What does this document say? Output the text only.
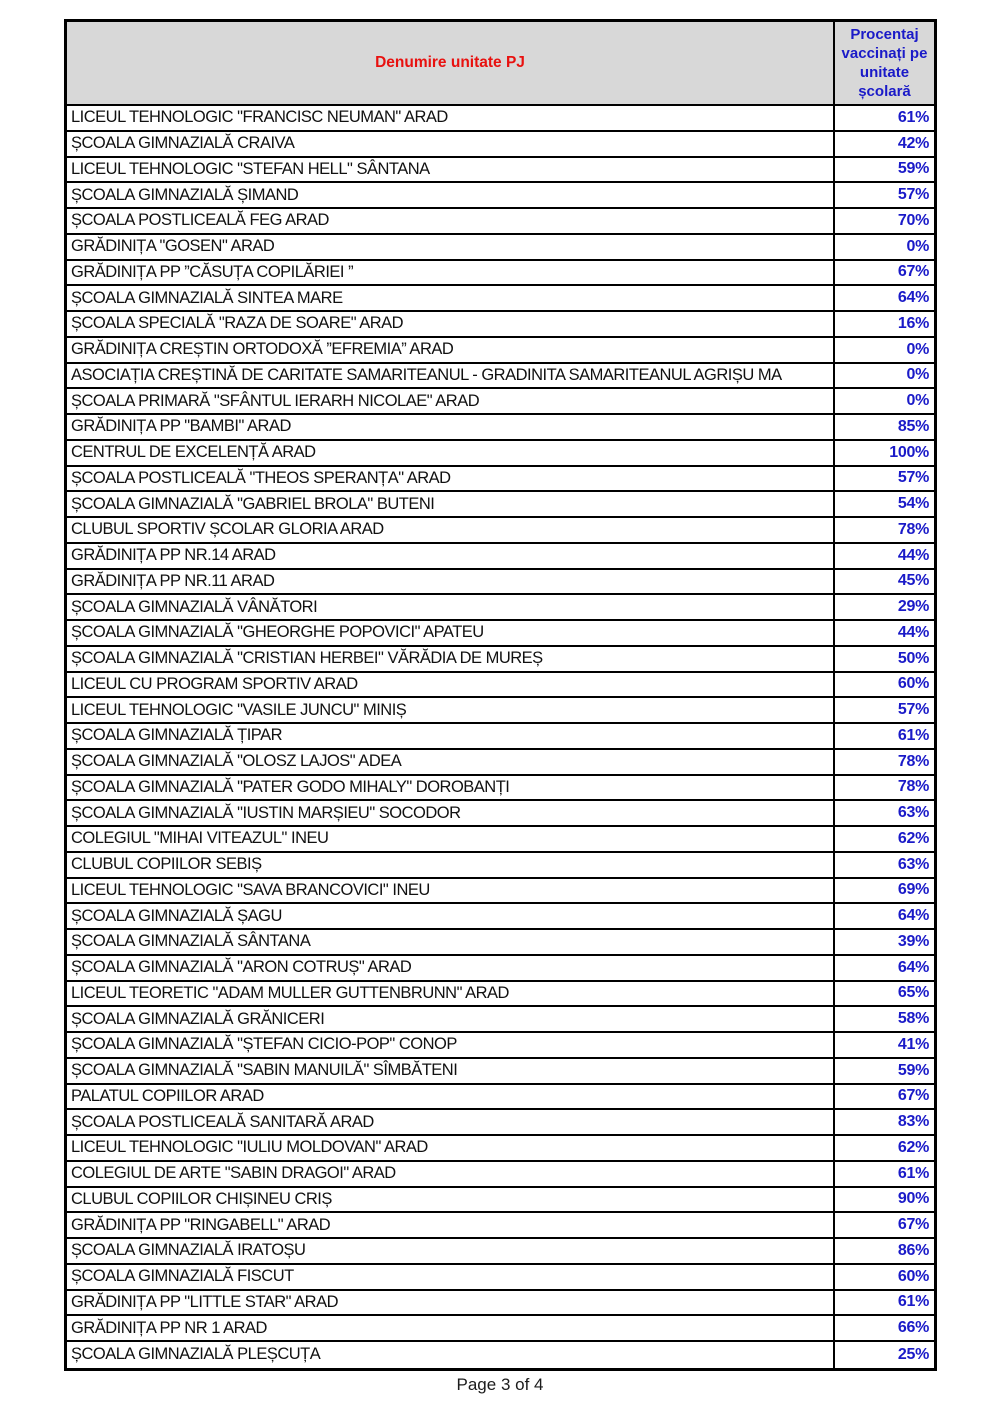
Denumire unitate PJ
Procentaj vaccinați pe unitate școlară
LICEUL TEHNOLOGIC "FRANCISC NEUMAN" ARAD	61%
ȘCOALA GIMNAZIALĂ CRAIVA	42%
LICEUL TEHNOLOGIC "STEFAN HELL" SÂNTANA	59%
ȘCOALA GIMNAZIALĂ ȘIMAND	57%
ȘCOALA POSTLICEALĂ FEG ARAD	70%
GRĂDINIȚA "GOSEN" ARAD	0%
GRĂDINIȚA PP ”CĂSUȚA COPILĂRIEI ”	67%
ȘCOALA GIMNAZIALĂ SINTEA MARE	64%
ȘCOALA SPECIALĂ "RAZA DE SOARE" ARAD	16%
GRĂDINIȚA CREȘTIN ORTODOXĂ ”EFREMIA” ARAD	0%
ASOCIAȚIA CREȘTINĂ DE CARITATE SAMARITEANUL - GRADINITA SAMARITEANUL AGRIȘU MA	0%
ȘCOALA PRIMARĂ "SFÂNTUL IERARH NICOLAE" ARAD	0%
GRĂDINIȚA PP "BAMBI" ARAD	85%
CENTRUL DE EXCELENȚĂ ARAD	100%
ȘCOALA POSTLICEALĂ "THEOS SPERANȚA" ARAD	57%
ȘCOALA GIMNAZIALĂ "GABRIEL BROLA" BUTENI	54%
CLUBUL SPORTIV ȘCOLAR GLORIA ARAD	78%
GRĂDINIȚA PP NR.14 ARAD	44%
GRĂDINIȚA PP NR.11 ARAD	45%
ȘCOALA GIMNAZIALĂ VÂNĂTORI	29%
ȘCOALA GIMNAZIALĂ "GHEORGHE POPOVICI" APATEU	44%
ȘCOALA GIMNAZIALĂ "CRISTIAN HERBEI" VĂRĂDIA DE MUREȘ	50%
LICEUL CU PROGRAM SPORTIV ARAD	60%
LICEUL TEHNOLOGIC "VASILE JUNCU" MINIȘ	57%
ȘCOALA GIMNAZIALĂ ȚIPAR	61%
ȘCOALA GIMNAZIALĂ "OLOSZ LAJOS" ADEA	78%
ȘCOALA GIMNAZIALĂ "PATER GODO MIHALY" DOROBANȚI	78%
ȘCOALA GIMNAZIALĂ "IUSTIN MARȘIEU" SOCODOR	63%
COLEGIUL "MIHAI VITEAZUL" INEU	62%
CLUBUL COPIILOR SEBIȘ	63%
LICEUL TEHNOLOGIC "SAVA BRANCOVICI" INEU	69%
ȘCOALA GIMNAZIALĂ ȘAGU	64%
ȘCOALA GIMNAZIALĂ SÂNTANA	39%
ȘCOALA GIMNAZIALĂ "ARON COTRUȘ" ARAD	64%
LICEUL TEORETIC "ADAM MULLER GUTTENBRUNN" ARAD	65%
ȘCOALA GIMNAZIALĂ GRĂNICERI	58%
ȘCOALA GIMNAZIALĂ "ȘTEFAN CICIO-POP" CONOP	41%
ȘCOALA GIMNAZIALĂ "SABIN MANUILĂ" SÎMBĂTENI	59%
PALATUL COPIILOR ARAD	67%
ȘCOALA POSTLICEALĂ SANITARĂ ARAD	83%
LICEUL TEHNOLOGIC "IULIU MOLDOVAN" ARAD	62%
COLEGIUL DE ARTE "SABIN DRAGOI" ARAD	61%
CLUBUL COPIILOR CHIȘINEU CRIȘ	90%
GRĂDINIȚA PP "RINGABELL" ARAD	67%
ȘCOALA GIMNAZIALĂ IRATOȘU	86%
ȘCOALA GIMNAZIALĂ FISCUT	60%
GRĂDINIȚA PP "LITTLE STAR" ARAD	61%
GRĂDINIȚA PP NR 1 ARAD	66%
ȘCOALA GIMNAZIALĂ PLEȘCUȚA	25%
Page 3 of 4
